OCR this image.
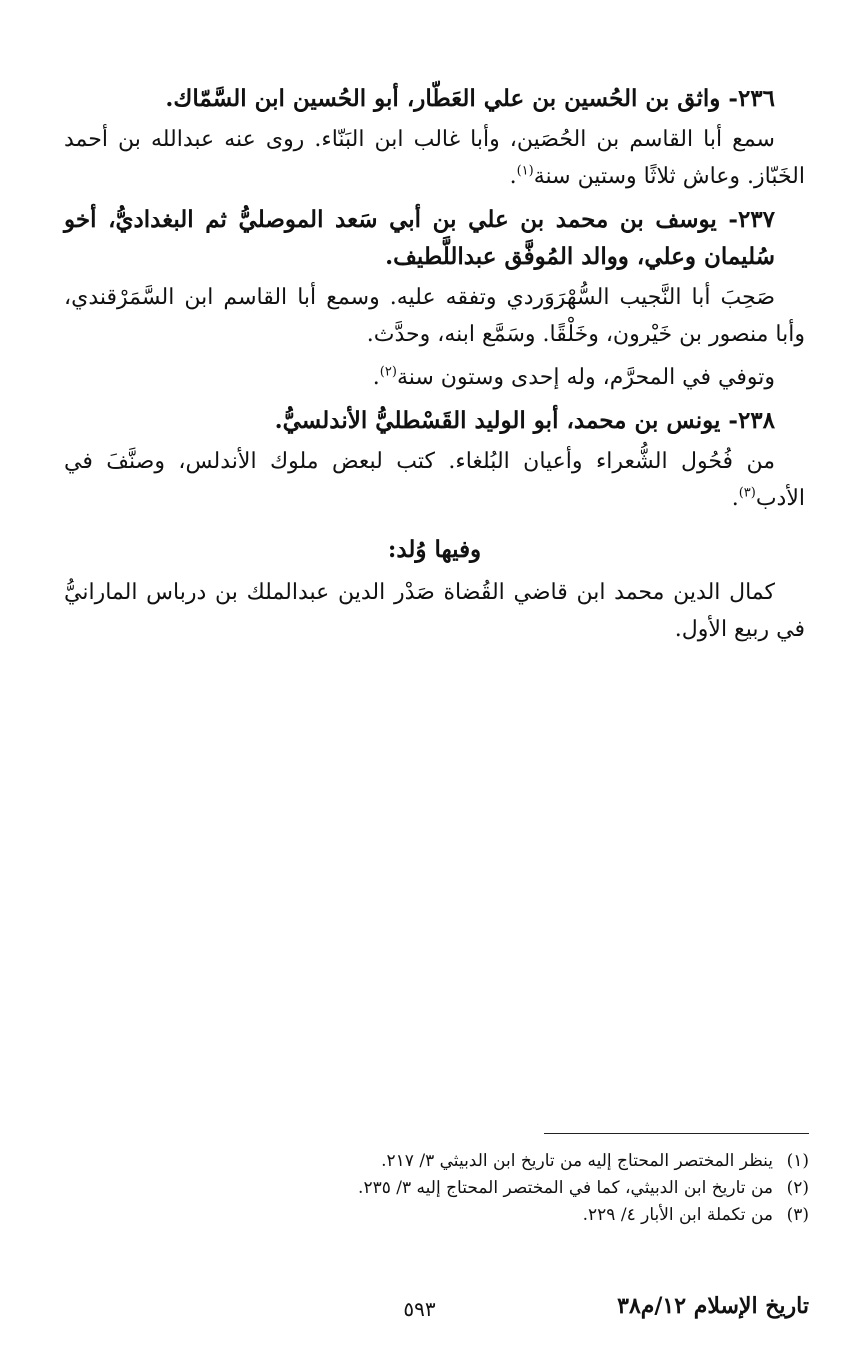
٢٣٦- واثق بن الحُسين بن علي العَطّار، أبو الحُسين ابن السَّمّاك.

سمع أبا القاسم بن الحُصَين، وأبا غالب ابن البَنّاء. روى عنه عبدالله بن أحمد الخَبّاز. وعاش ثلاثًا وستين سنة$^{(١)}$.

٢٣٧- يوسف بن محمد بن علي بن أبي سَعد الموصليُّ ثم البغداديُّ، أخو سُليمان وعلي، ووالد المُوفَّق عبداللَّطيف.

صَحِبَ أبا النَّجيب السُّهْرَوَردي وتفقه عليه. وسمع أبا القاسم ابن السَّمَرْقندي، وأبا منصور بن خَيْرون، وخَلْقًا. وسَمَّع ابنه، وحدَّث.

وتوفي في المحرَّم، وله إحدى وستون سنة$^{(٢)}$.

٢٣٨- يونس بن محمد، أبو الوليد القَسْطليُّ الأندلسيُّ.

من فُحُول الشُّعراء وأعيان البُلغاء. كتب لبعض ملوك الأندلس، وصنَّفَ في الأدب$^{(٣)}$.

وفيها وُلد:

كمال الدين محمد ابن قاضي القُضاة صَدْر الدين عبدالملك بن درباس المارانيُّ في ربيع الأول.

(١)
ينظر المختصر المحتاج إليه من تاريخ ابن الدبيثي ٣/ ٢١٧.
(٢)
من تاريخ ابن الدبيثي، كما في المختصر المحتاج إليه ٣/ ٢٣٥.
(٣)
من تكملة ابن الأبار ٤/ ٢٢٩.
تاريخ الإسلام ١٢/م٣٨
٥٩٣
